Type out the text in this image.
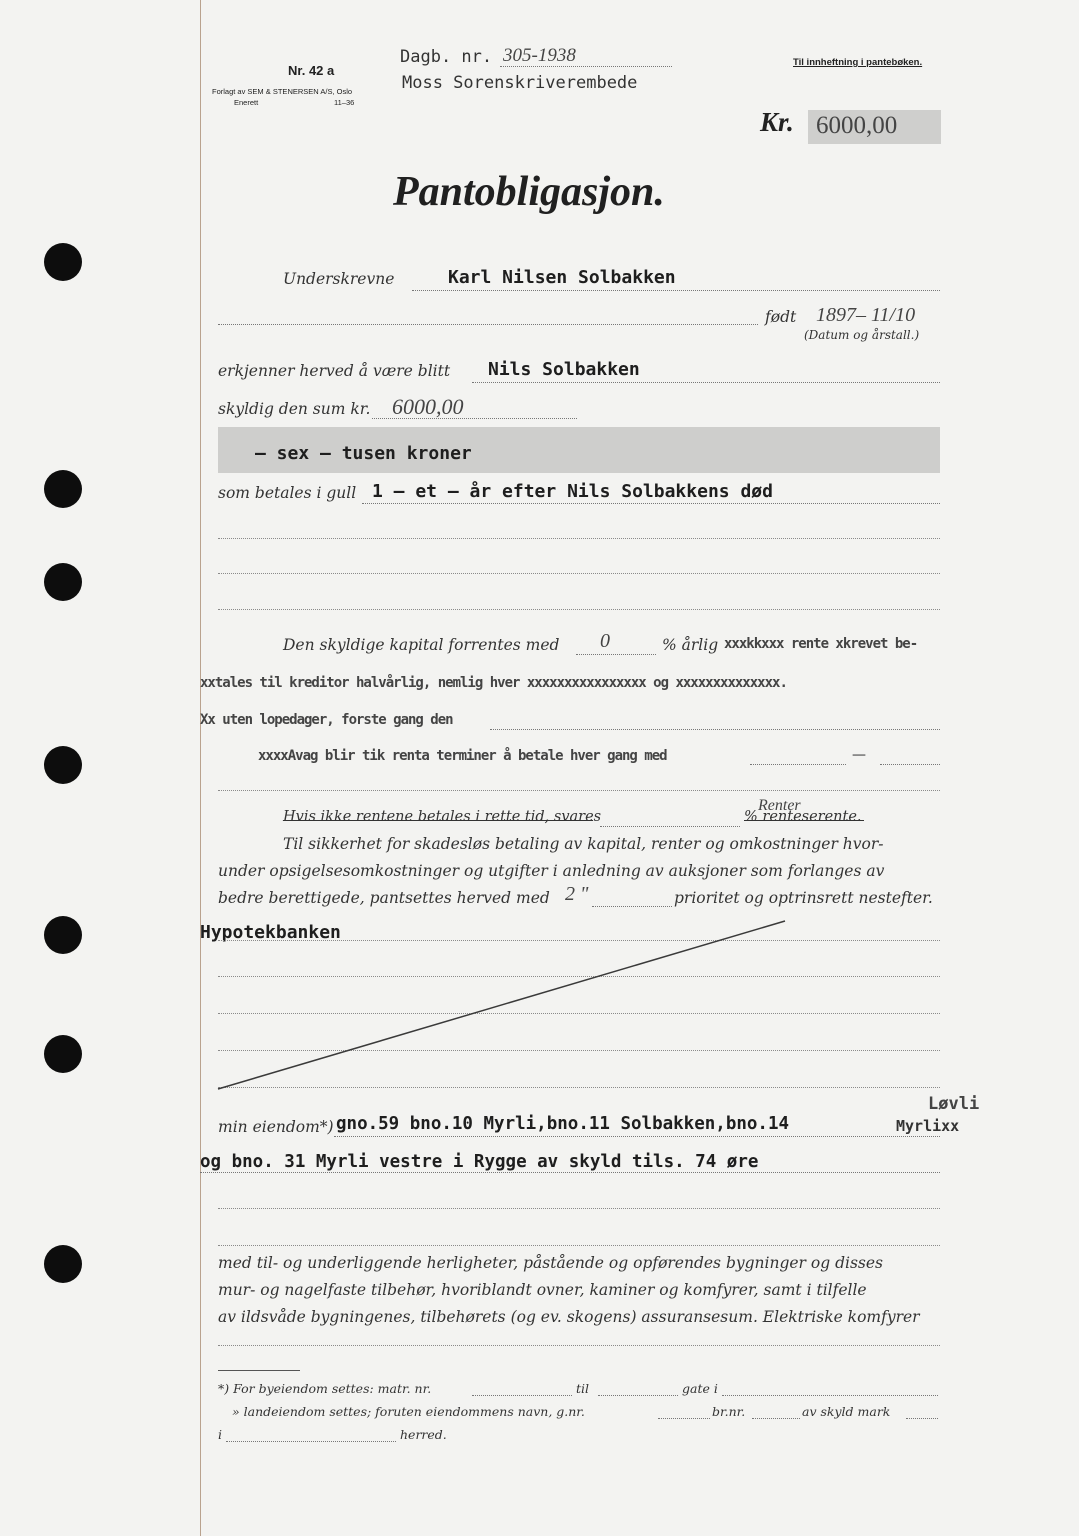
Nr. 42 a
Forlagt av SEM & STENERSEN A/S, Oslo
Enerett	11–36
Dagb. nr. 305-1938
Moss Sorenskriverembede
Til innheftning i pantebøken.
Kr. 6000,00
Pantobligasjon.
Underskrevne	Karl Nilsen Solbakken
født 1897– 11/10
(Datum og årstall.)
erkjenner herved å være blitt Nils Solbakken
skyldig den sum kr. 6000,00
– sex – tusen kroner
som betales i gull 1 – et – år efter Nils Solbakkens død
Den skyldige kapital forrentes med 0	% årlig xxxkkxxx rente xkrevet be-
xxtales til kreditor halvårlig, nemlig hver xxxxxxxxxxxxxxxx og xxxxxxxxxxxxxx.
Xx uten lopedager, forste gang den
xxxxAvag blir tik renta terminer å betale hver gang med	—
Hvis ikke rentene betales i rette tid, svares
Renter
% renteserente.
Til sikkerhet for skadesløs betaling av kapital, renter og omkostninger hvor-
under opsigelsesomkostninger og utgifter i anledning av auksjoner som forlanges av
bedre berettigede, pantsettes herved med 2 "	prioritet og optrinsrett nestefter.
Hypotekbanken
Løvli
min eiendom*) gno.59 bno.10 Myrli,bno.11 Solbakken,bno.14	Myrlixx
og bno. 31 Myrli vestre i Rygge av skyld tils. 74 øre
med til- og underliggende herligheter, påstående og opførendes bygninger og disses
mur- og nagelfaste tilbehør, hvoriblandt ovner, kaminer og komfyrer, samt i tilfelle
av ildsvåde bygningenes, tilbehørets (og ev. skogens) assuransesum. Elektriske komfyrer
*) For byeiendom settes: matr. nr.	til	gate i
» landeiendom settes; foruten eiendommens navn, g.nr.	br.nr.	av skyld mark
i	herred.
